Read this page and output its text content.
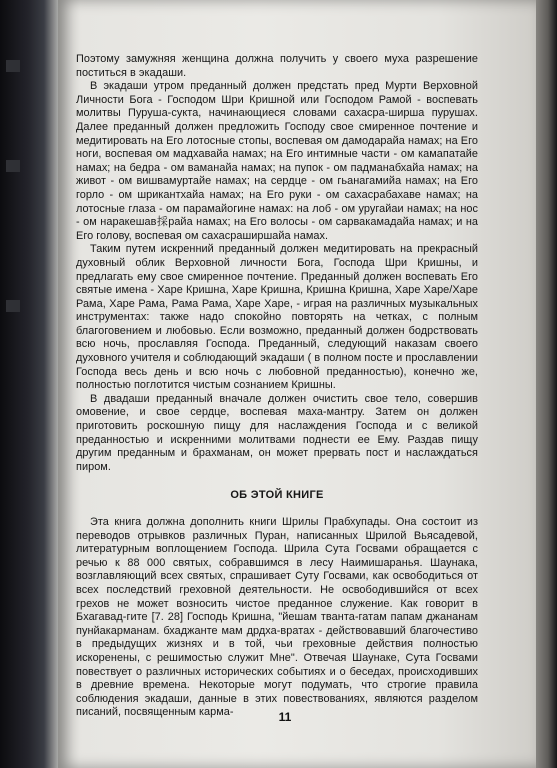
Поэтому замужняя женщина должна получить у своего муха разрешение поститься в экадаши.

В экадаши утром преданный должен предстать пред Мурти Верховной Личности Бога - Господом Шри Кришной или Господом Рамой - воспевать молитвы Пуруша-сукта, начинающиеся словами сахасра-ширша пурушах. Далее преданный должен предложить Господу свое смиренное почтение и медитировать на Его лотосные стопы, воспевая ом дамодарайа намах; на Его ноги, воспевая ом мадхавайа намах; на Его интимные части - ом камапатайе намах; на бедра - ом ваманайа намах; на пупок - ом падманабхайа намах; на живот - ом вишвамуртайе намах; на сердце - ом гьанагамийа намах; на Его горло - ом шрикантхайа намах; на Его руки - ом сахасрабахаве намах; на лотосные глаза - ом парамайогине намах: на лоб - ом уругайаи намах; на нос - ом наракешав採райа намах; на Его волосы - ом сарвакамадайа намах; и на Его голову, воспевая ом сахасраширшайа намах.

Таким путем искренний преданный должен медитировать на прекрасный духовный облик Верховной личности Бога, Господа Шри Кришны, и предлагать ему свое смиренное почтение. Преданный должен воспевать Его святые имена - Харе Кришна, Харе Кришна, Кришна Кришна, Харе Харе/Харе Рама, Харе Рама, Рама Рама, Харе Харе, - играя на различных музыкальных инструментах: также надо спокойно повторять на четках, с полным благоговением и любовью. Если возможно, преданный должен бодрствовать всю ночь, прославляя Господа. Преданный, следующий наказам своего духовного учителя и соблюдающий экадаши ( в полном посте и прославлении Господа весь день и всю ночь с любовной преданностью), конечно же, полностью поглотится чистым сознанием Кришны.

В двадаши преданный вначале должен очистить свое тело, совершив омовение, и свое сердце, воспевая маха-мантру. Затем он должен приготовить роскошную пищу для наслаждения Господа и с великой преданностью и искренними молитвами поднести ее Ему. Раздав пищу другим преданным и брахманам, он может прервать пост и наслаждаться пиром.

ОБ ЭТОЙ КНИГЕ

Эта книга должна дополнить книги Шрилы Прабхупады. Она состоит из переводов отрывков различных Пуран, написанных Шрилой Вьясадевой, литературным воплощением Господа. Шрила Сута Госвами обращается с речью к 88 000 святых, собравшимся в лесу Наимишаранья. Шаунака, возглавляющий всех святых, спрашивает Суту Госвами, как освободиться от всех последствий греховной деятельности. Не освободившийся от всех грехов не может возносить чистое преданное служение. Как говорит в Бхагавад-гите [7. 28] Господь Кришна, "йешам тванта-гатам папам джананам пунйакарманам. бхаджанте мам дрдха-вратах - действовавший благочестиво в предыдущих жизнях и в той, чьи греховные действия полностью искоренены, с решимостью служит Мне". Отвечая Шаунаке, Сута Госвами повествует о различных исторических событиях и о беседах, происходивших в древние времена. Некоторые могут подумать, что строгие правила соблюдения экадаши, данные в этих повествованиях, являются разделом писаний, посвященным карма-	11
